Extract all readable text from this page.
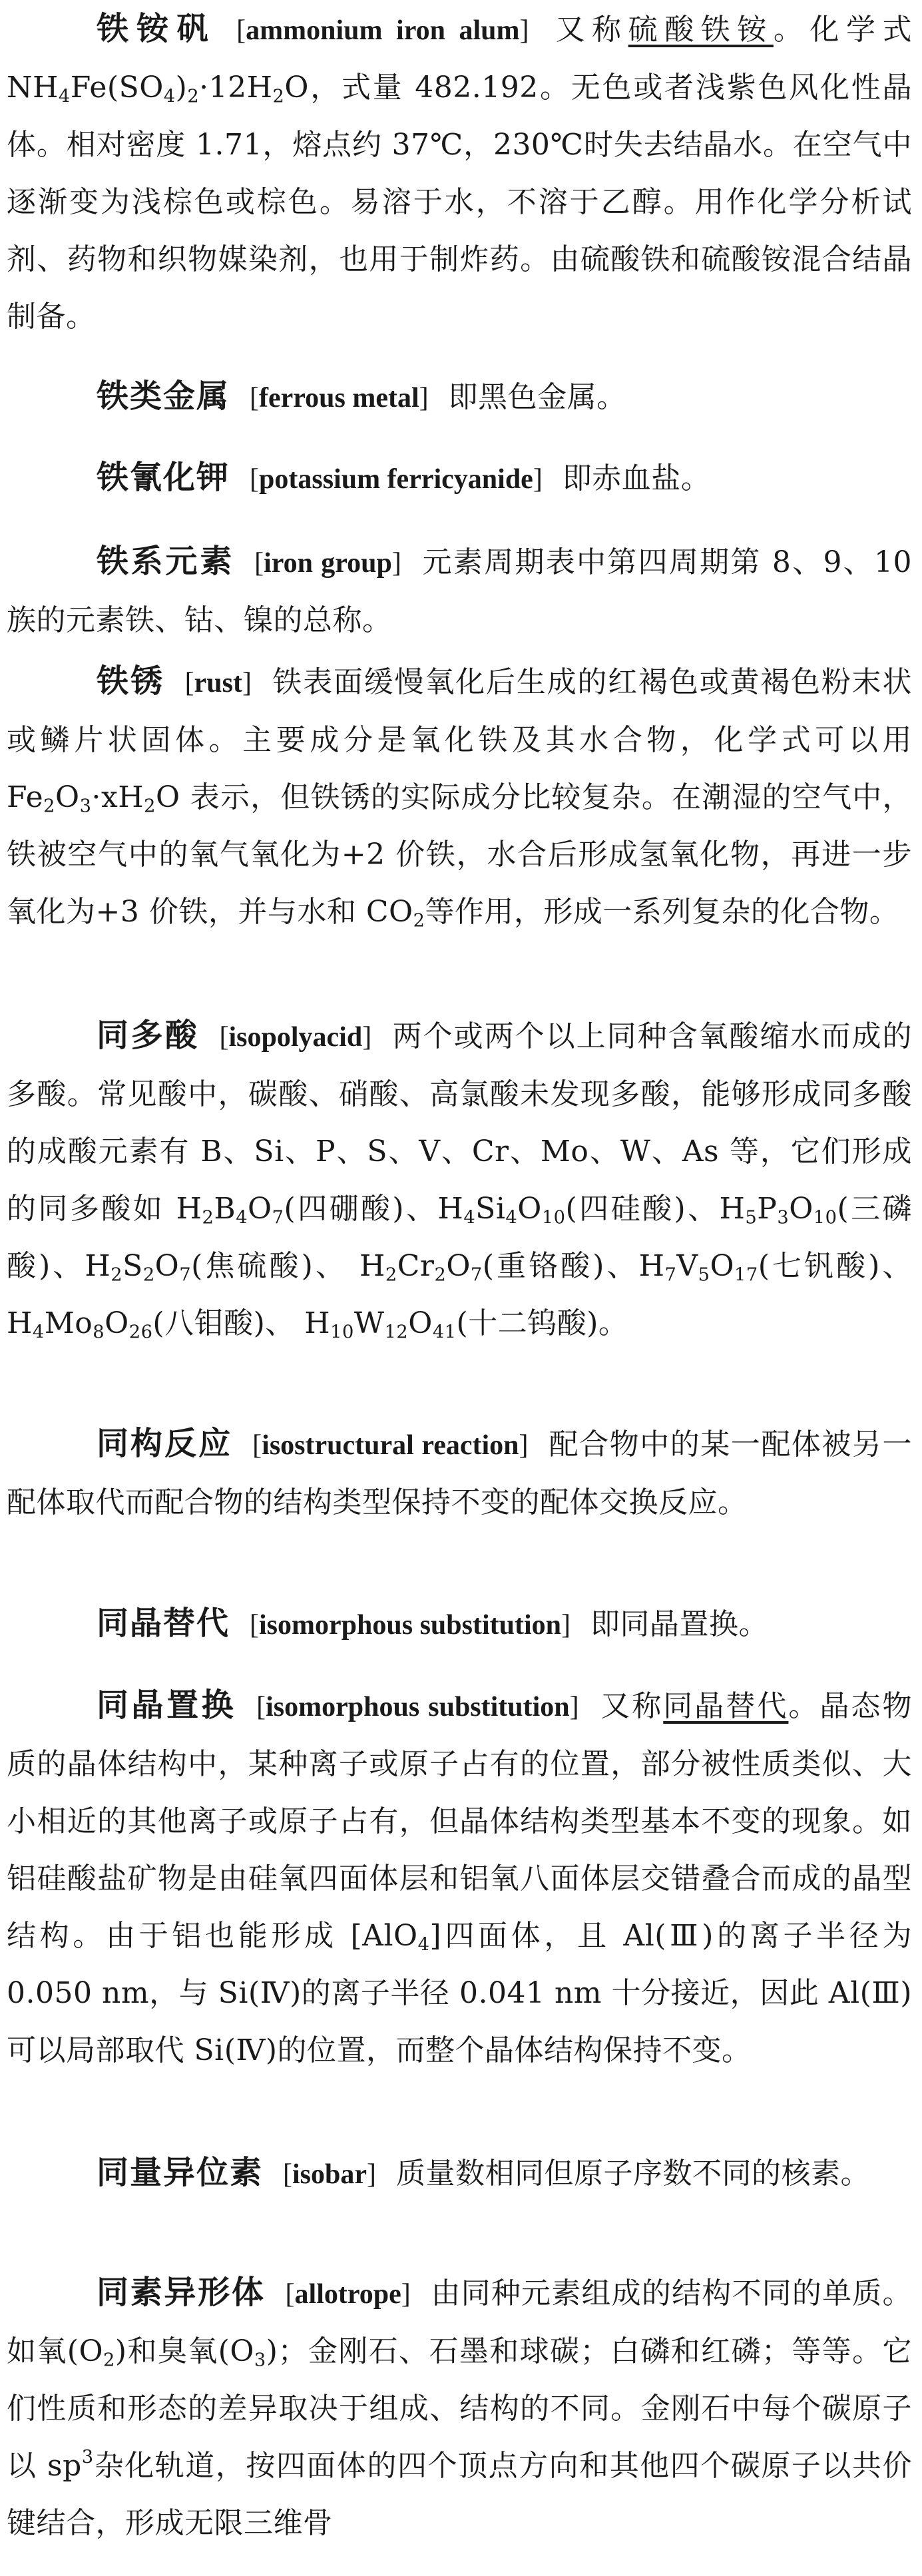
铁铵矾 [ammonium iron alum] 又称硫酸铁铵。化学式 $NH_4Fe(SO_4)_2\cdot 12H_2O$，式量 482.192。无色或者浅紫色风化性晶体。相对密度 1.71，熔点约 37℃，230℃时失去结晶水。在空气中逐渐变为浅棕色或棕色。易溶于水，不溶于乙醇。用作化学分析试剂、药物和织物媒染剂，也用于制炸药。由硫酸铁和硫酸铵混合结晶制备。
铁类金属 [ferrous metal] 即黑色金属。
铁氰化钾 [potassium ferricyanide] 即赤血盐。
铁系元素 [iron group] 元素周期表中第四周期第 8、9、10 族的元素铁、钴、镍的总称。
铁锈 [rust] 铁表面缓慢氧化后生成的红褐色或黄褐色粉末状或鳞片状固体。主要成分是氧化铁及其水合物，化学式可以用 $Fe_2O_3\cdot xH_2O$ 表示，但铁锈的实际成分比较复杂。在潮湿的空气中，铁被空气中的氧气氧化为+2 价铁，水合后形成氢氧化物，再进一步氧化为+3 价铁，并与水和 $CO_2$等作用，形成一系列复杂的化合物。
同多酸 [isopolyacid] 两个或两个以上同种含氧酸缩水而成的多酸。常见酸中，碳酸、硝酸、高氯酸未发现多酸，能够形成同多酸的成酸元素有 B、Si、P、S、V、Cr、Mo、W、As 等，它们形成的同多酸如 $H_2B_4O_7$(四硼酸)、$H_4Si_4O_{10}$(四硅酸)、$H_5P_3O_{10}$(三磷酸)、$H_2S_2O_7$(焦硫酸)、 $H_2Cr_2O_7$(重铬酸)、$H_7V_5O_{17}$(七钒酸)、$H_4Mo_8O_{26}$(八钼酸)、 $H_{10}W_{12}O_{41}$(十二钨酸)。
同构反应 [isostructural reaction] 配合物中的某一配体被另一配体取代而配合物的结构类型保持不变的配体交换反应。
同晶替代 [isomorphous substitution] 即同晶置换。
同晶置换 [isomorphous substitution] 又称同晶替代。晶态物质的晶体结构中，某种离子或原子占有的位置，部分被性质类似、大小相近的其他离子或原子占有，但晶体结构类型基本不变的现象。如铝硅酸盐矿物是由硅氧四面体层和铝氧八面体层交错叠合而成的晶型结构。由于铝也能形成 [AlO$_4$]四面体，且 Al(Ⅲ)的离子半径为 0.050 nm，与 Si(Ⅳ)的离子半径 0.041 nm 十分接近，因此 Al(Ⅲ)可以局部取代 Si(Ⅳ)的位置，而整个晶体结构保持不变。
同量异位素 [isobar] 质量数相同但原子序数不同的核素。
同素异形体 [allotrope] 由同种元素组成的结构不同的单质。如氧$(O_2)$和臭氧$(O_3)$；金刚石、石墨和球碳；白磷和红磷；等等。它们性质和形态的差异取决于组成、结构的不同。金刚石中每个碳原子以 $sp^3$杂化轨道，按四面体的四个顶点方向和其他四个碳原子以共价键结合，形成无限三维骨
